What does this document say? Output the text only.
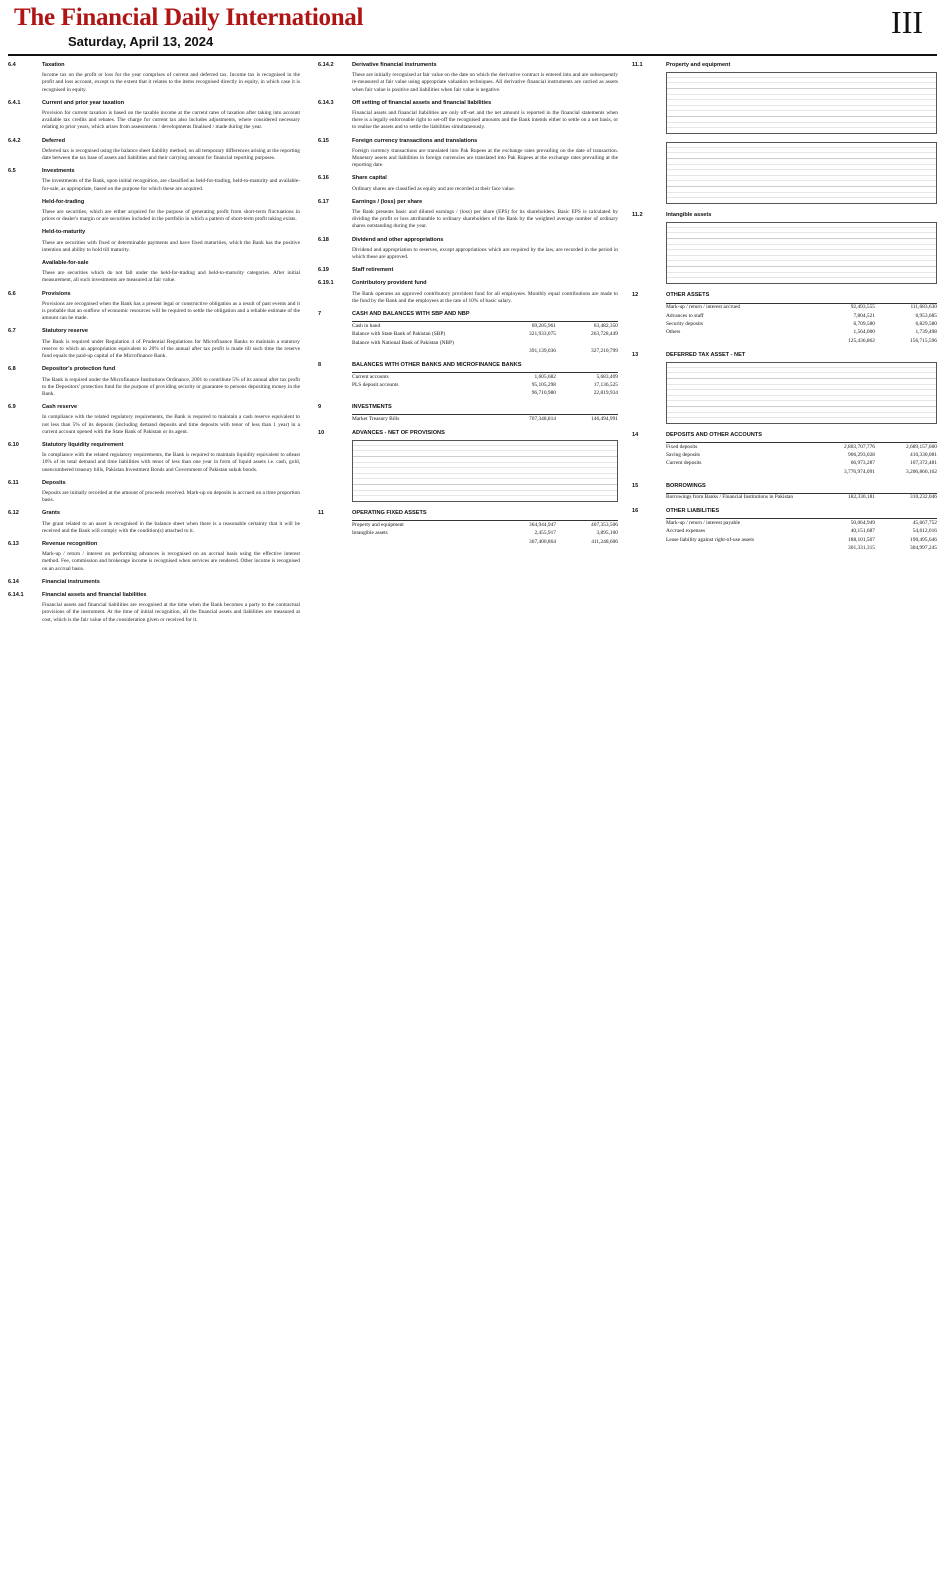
The Financial Daily International
Saturday, April 13, 2024
III
6.4	Taxation
Income tax on the profit or loss for the year comprises of current and deferred tax. Income tax is recognised in the profit and loss account, except to the extent that it relates to the items recognised directly in equity, in which case it is recognised in equity.
6.4.1	Current and prior year taxation
Provision for current taxation is based on the taxable income at the current rates of taxation after taking into account available tax credits and rebates. The charge for current tax also includes adjustments, where considered necessary relating to prior years, which arises from assessments / developments finalised / made during the year.
6.4.2	Deferred
Deferred tax is recognised using the balance sheet liability method, on all temporary differences arising at the reporting date between the tax base of assets and liabilities and their carrying amount for financial reporting purposes.
6.5	Investments
The investments of the Bank, upon initial recognition, are classified as held-for-trading, held-to-maturity and available-for-sale, as appropriate, based on the purpose for which these are acquired.
Held-for-trading
These are securities, which are either acquired for the purpose of generating profit from short-term fluctuations in prices or dealer's margin or are securities included in the portfolio in which a pattern of short-term profit taking exists.
Held-to-maturity
These are securities with fixed or determinable payments and have fixed maturities, which the Bank has the positive intention and ability to hold till maturity.
Available-for-sale
These are securities which do not fall under the held-for-trading and held-to-maturity categories. After initial measurement, all such investments are measured at fair value.
6.6	Provisions
Provisions are recognised when the Bank has a present legal or constructive obligation as a result of past events and it is probable that an outflow of economic resources will be required to settle the obligation and a reliable estimate of the amount can be made.
6.7	Statutory reserve
The Bank is required under Regulation 4 of Prudential Regulations for Microfinance Banks to maintain a statutory reserve to which an appropriation equivalent to 20% of the annual after tax profit is made till such time the reserve fund equals the paid-up capital of the Microfinance Bank.
6.8	Depositor's protection fund
The Bank is required under the Microfinance Institutions Ordinance, 2001 to contribute 5% of its annual after tax profit to the Depositors' protection fund for the purpose of providing security or guarantee to persons depositing money in the Bank.
6.9	Cash reserve
In compliance with the related regulatory requirements, the Bank is required to maintain a cash reserve equivalent to not less than 5% of its deposits (including demand deposits and time deposits with tenor of less than 1 year) in a current account opened with the State Bank of Pakistan or its agent.
6.10	Statutory liquidity requirement
In compliance with the related regulatory requirements, the Bank is required to maintain liquidity equivalent to atleast 10% of its total demand and time liabilities with tenor of less than one year in form of liquid assets i.e. cash, gold, unencumbered treasury bills, Pakistan Investment Bonds and Government of Pakistan sukuk bonds.
6.11	Deposits
Deposits are initially recorded at the amount of proceeds received. Mark-up on deposits is accrued on a time proportion basis.
6.12	Grants
The grant related to an asset is recognised in the balance sheet when there is a reasonable certainty that it will be received and the Bank will comply with the condition(s) attached to it.
6.13	Revenue recognition
Mark-up / return / interest on performing advances is recognised on an accrual basis using the effective interest method. Fee, commission and brokerage income is recognised when services are rendered. Other income is recognised on an accrual basis.
6.14	Financial instruments
6.14.1	Financial assets and financial liabilities
Financial assets and financial liabilities are recognised at the time when the Bank becomes a party to the contractual provisions of the instrument. At the time of initial recognition, all the financial assets and liabilities are measured at cost, which is the fair value of the consideration given or received for it.
6.14.2	Derivative financial instruments
These are initially recognised at fair value on the date on which the derivative contract is entered into and are subsequently re-measured at fair value using appropriate valuation techniques. All derivative financial instruments are carried as assets when fair value is positive and liabilities when fair value is negative.
6.14.3	Off setting of financial assets and financial liabilities
Financial assets and financial liabilities are only off-set and the net amount is reported in the financial statements when there is a legally enforceable right to set-off the recognised amounts and the Bank intends either to settle on a net basis, or to realise the assets and to settle the liabilities simultaneously.
6.15	Foreign currency transactions and translations
Foreign currency transactions are translated into Pak Rupees at the exchange rates prevailing on the date of transaction. Monetary assets and liabilities in foreign currencies are translated into Pak Rupees at the exchange rates prevailing at the reporting date.
6.16	Share capital
Ordinary shares are classified as equity and are recorded at their face value.
6.17	Earnings / (loss) per share
The Bank presents basic and diluted earnings / (loss) per share (EPS) for its shareholders. Basic EPS is calculated by dividing the profit or loss attributable to ordinary shareholders of the Bank by the weighted average number of ordinary shares outstanding during the year.
6.18	Dividend and other appropriations
Dividend and appropriation to reserves, except appropriations which are required by the law, are recorded in the period in which these are approved.
6.19	Staff retirement
6.19.1	Contributory provident fund
The Bank operates an approved contributory provident fund for all employees. Monthly equal contributions are made to the fund by the Bank and the employees at the rate of 10% of basic salary.
7	CASH AND BALANCES WITH SBP AND NBP
Cash in hand	69,205,961	63,482,350
Balance with State Bank of Pakistan (SBP)	321,933,075	263,728,449
Balance with National Bank of Pakistan (NBP)
391,139,036	327,210,799
8	BALANCES WITH OTHER BANKS AND MICROFINANCE BANKS
Current accounts	1,605,682	5,683,409
PLS deposit accounts	95,105,298	17,136,525
96,710,980	22,819,934
9	INVESTMENTS
Market Treasury Bills	707,348,814	146,494,991
10	ADVANCES - NET OF PROVISIONS
11	OPERATING FIXED ASSETS
Property and equipment	364,944,947	407,353,506
Intangible assets	2,455,917	3,895,100
367,400,864	411,248,606
11.1	Property and equipment
11.2	Intangible assets
12	OTHER ASSETS
Mark-up / return / interest accrued	92,493,555	111,683,630
Advances to staff	7,804,521	6,953,685
Security deposits	6,709,580	6,829,580
Others	1,564,000	1,739,498
125,436,862	156,715,596
13	DEFERRED TAX ASSET - NET
14	DEPOSITS AND OTHER ACCOUNTS
Fixed deposits	2,803,707,776	2,689,157,600
Saving deposits	906,293,028	410,330,081
Current deposits	66,973,287	107,372,481
3,776,974,091	3,206,860,162
15	BORROWINGS
Borrowings from Banks / Financial Institutions in Pakistan	182,330,181	310,232,046
16	OTHER LIABILITIES
Mark-up / return / interest payable	50,064,949	45,667,752
Accrued expenses	40,151,687	54,612,016
Lease liability against right-of-use assets	188,101,507	190,495,646
301,331,315	304,997,245
